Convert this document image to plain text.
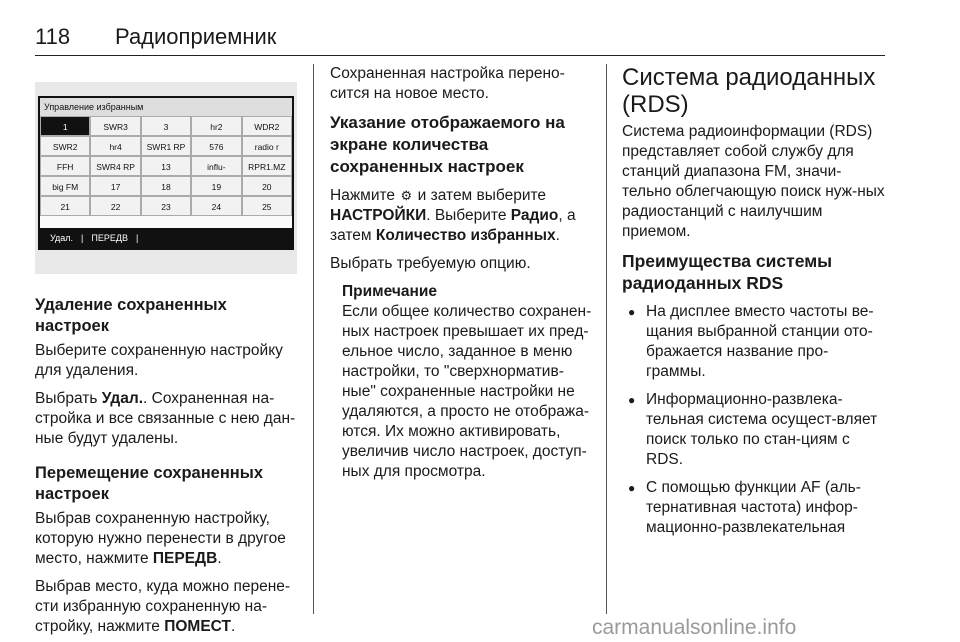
118 Радиоприемник
Управление избранным
1	SWR3	3	hr2	WDR2
SWR2	hr4	SWR1 RP	576	radio r
FFH	SWR4 RP	13	influ-	RPR1.MZ
big FM	17	18	19	20
21	22	23	24	25
Удал. | ПЕРЕДВ |
Удаление сохраненных настроек

Выберите сохраненную настройку для удаления.

Выбрать Удал.. Сохраненная на-стройка и все связанные с нею дан-ные будут удалены.

Перемещение сохраненных настроек

Выбрав сохраненную настройку, которую нужно перенести в другое место, нажмите ПЕРЕДВ.

Выбрав место, куда можно перене-сти избранную сохраненную на-стройку, нажмите ПОМЕСТ.

Сохраненная настройка перено-сится на новое место.

Указание отображаемого на экране количества сохраненных настроек

Нажмите ⚙ и затем выберите НАСТРОЙКИ. Выберите Радио, а затем Количество избранных.

Выбрать требуемую опцию.

Примечание
Если общее количество сохранен-ных настроек превышает их пред-ельное число, заданное в меню настройки, то "сверхнорматив-ные" сохраненные настройки не удаляются, а просто не отобража-ются. Их можно активировать, увеличив число настроек, доступ-ных для просмотра.
Система радиоданных (RDS)

Система радиоинформации (RDS) представляет собой службу для станций диапазона FM, значи-тельно облегчающую поиск нуж-ных радиостанций с наилучшим приемом.

Преимущества системы радиоданных RDS
● На дисплее вместо частоты ве-щания выбранной станции ото-бражается название про-граммы.
● Информационно-развлека-тельная система осущест-вляет поиск только по стан-циям с RDS.
● С помощью функции AF (аль-тернативная частота) инфор-мационно-развлекательная
carmanualsonline.info
